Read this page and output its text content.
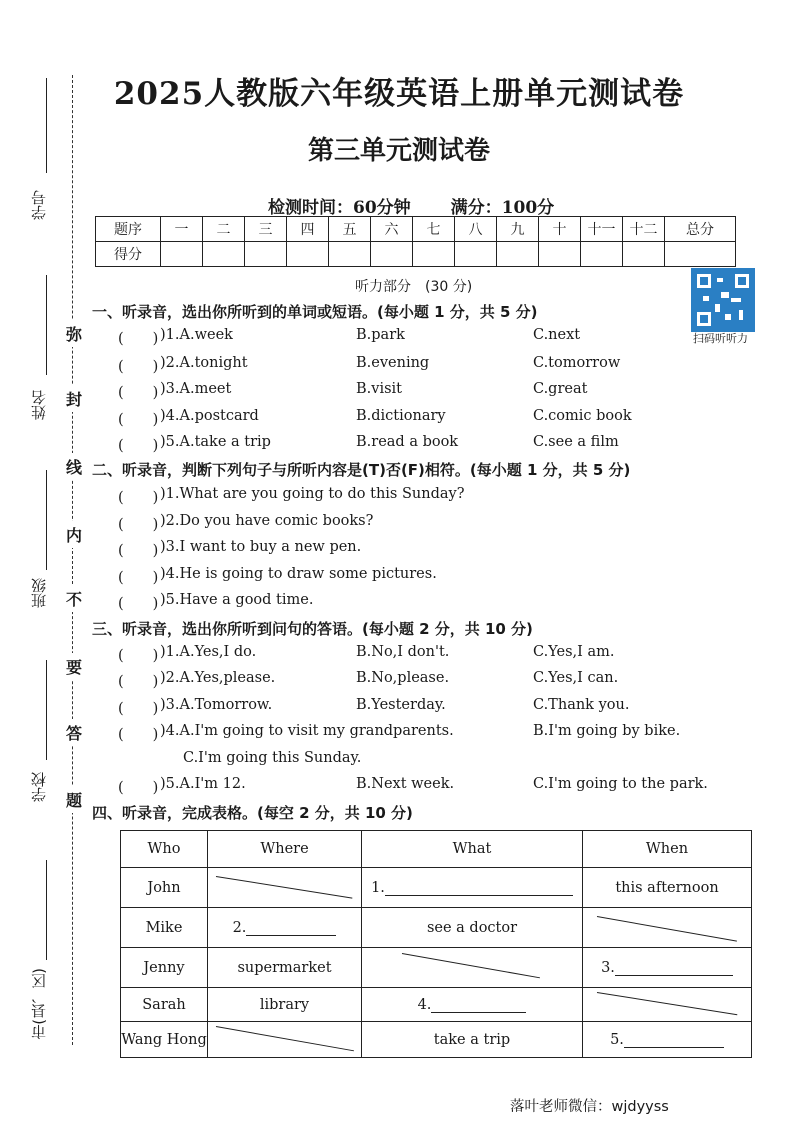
2025人教版六年级英语上册单元测试卷
第三单元测试卷
检测时间：60分钟 满分：100分
题序	一	二	三	四	五	六	七	八	九	十	十一	十二	总分
得分													
学号
姓名
班级
学校
市(县、区)
弥
封
线
内
不
要
答
题
听力部分　(30 分)
扫码听听力
一、听录音，选出你所听到的单词或短语。(每小题 1 分，共 5 分)
(　　) )1.A.week	B.park	C.next
(　　) )2.A.tonight	B.evening	C.tomorrow
(　　) )3.A.meet	B.visit	C.great
(　　) )4.A.postcard	B.dictionary	C.comic book
(　　) )5.A.take a trip	B.read a book	C.see a film
二、听录音，判断下列句子与所听内容是(T)否(F)相符。(每小题 1 分，共 5 分)
(　　) )1.What are you going to do this Sunday?
(　　) )2.Do you have comic books?
(　　) )3.I want to buy a new pen.
(　　) )4.He is going to draw some pictures.
(　　) )5.Have a good time.
三、听录音，选出你所听到问句的答语。(每小题 2 分，共 10 分)
(　　) )1.A.Yes,I do.	B.No,I don't.	C.Yes,I am.
(　　) )2.A.Yes,please.	B.No,please.	C.Yes,I can.
(　　) )3.A.Tomorrow.	B.Yesterday.	C.Thank you.
(　　) )4.A.I'm going to visit my grandparents.	B.I'm going by bike.
C.I'm going this Sunday.
(　　) )5.A.I'm 12.	B.Next week.	C.I'm going to the park.
四、听录音，完成表格。(每空 2 分，共 10 分)
Who	Where	What	When
John		1.	this afternoon
Mike	2.	see a doctor	

Jenny	supermarket		3.
Sarah	library	4.	

Wang Hong		take a trip	5.
落叶老师微信：wjdyyss
